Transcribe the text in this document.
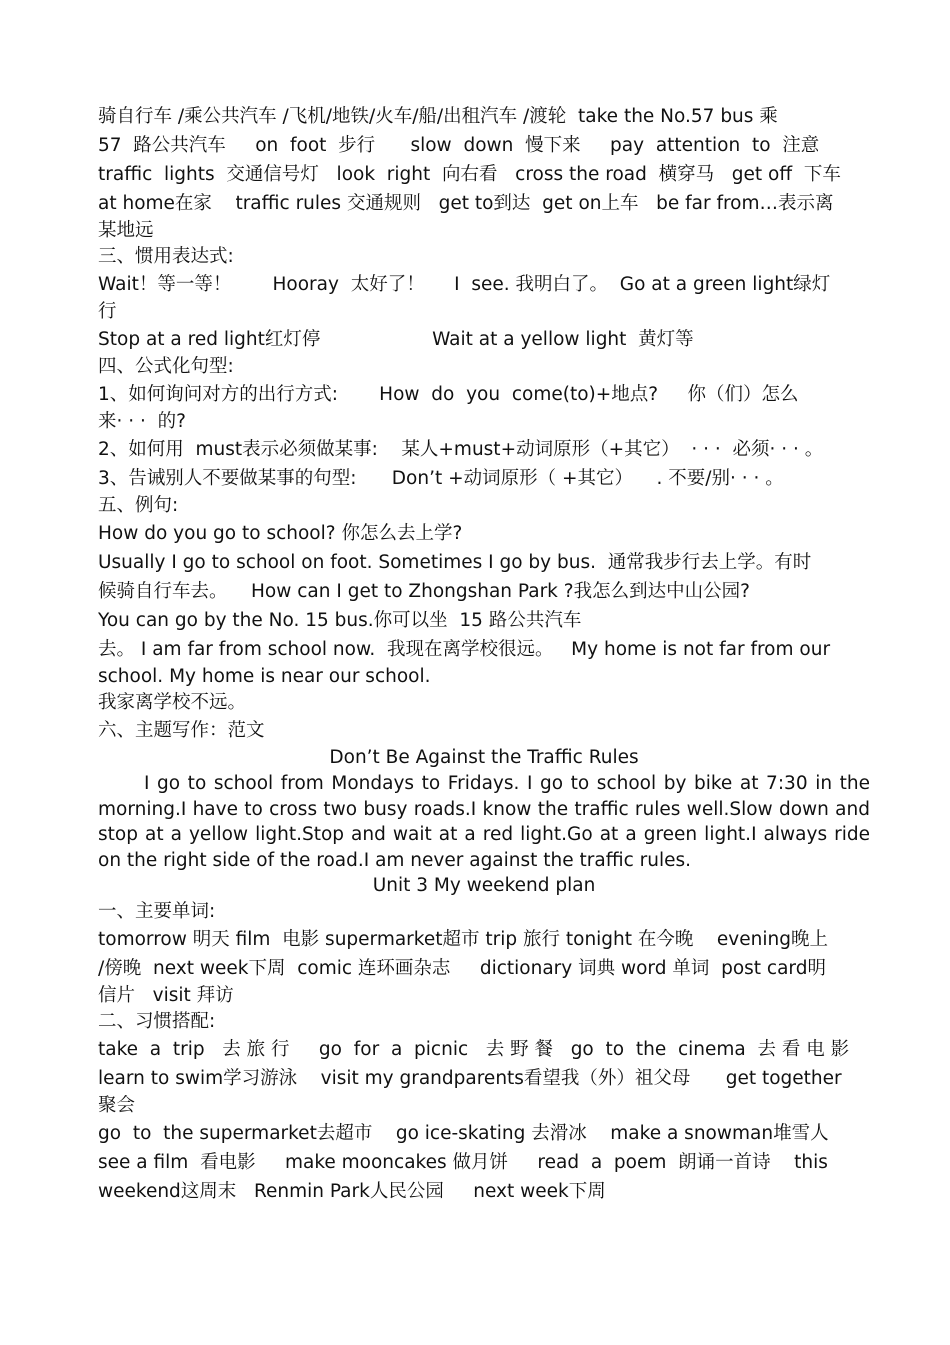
骑自行车 /乘公共汽车 /飞机/地铁/火车/船/出租汽车 /渡轮  take the No.57 bus 乘
57  路公共汽车     on  foot  步行      slow  down  慢下来     pay  attention  to  注意
traffic  lights  交通信号灯   look  right  向右看   cross the road  横穿马   get off  下车
at home在家    traffic rules 交通规则   get to到达  get on上车   be far from…表示离
某地远
三、惯用表达式:
Wait！等一等！       Hooray  太好了！     I  see. 我明白了。  Go at a green light绿灯
行
Stop at a red light红灯停                   Wait at a yellow light  黄灯等
四、公式化句型:
1、如何询问对方的出行方式:       How  do  you  come(to)+地点?     你（们）怎么
来· · ·  的?
2、如何用  must表示必须做某事:    某人+must+动词原形（+其它）  · · ·  必须· · · 。
3、告诫别人不要做某事的句型:      Don’t +动词原形（ +其它）    . 不要/别· · · 。
五、例句:
How do you go to school? 你怎么去上学?
Usually I go to school on foot. Sometimes I go by bus.  通常我步行去上学。有时
候骑自行车去。    How can I get to Zhongshan Park ?我怎么到达中山公园?
You can go by the No. 15 bus.你可以坐  15 路公共汽车
去。 I am far from school now.  我现在离学校很远。   My home is not far from our
school. My home is near our school.
我家离学校不远。
六、主题写作：范文
Don’t Be Against the Traffic Rules
I go to school from Mondays to Fridays. I go to school by bike at 7:30 in the morning.I have to cross two busy roads.I know the traffic rules well.Slow down and stop at a yellow light.Stop and wait at a red light.Go at a green light.I always ride on the right side of the road.I am never against the traffic rules.
Unit 3 My weekend plan
一、主要单词:
tomorrow 明天 film  电影 supermarket超市 trip 旅行 tonight 在今晚    evening晚上
/傍晚  next week下周  comic 连环画杂志     dictionary 词典 word 单词  post card明
信片   visit 拜访
二、习惯搭配:
take  a  trip   去 旅 行     go  for  a  picnic   去 野 餐   go  to  the  cinema  去 看 电 影
learn to swim学习游泳    visit my grandparents看望我（外）祖父母      get together
聚会
go  to  the supermarket去超市    go ice-skating 去滑冰    make a snowman堆雪人
see a film  看电影     make mooncakes 做月饼     read  a  poem  朗诵一首诗    this
weekend这周末   Renmin Park人民公园     next week下周
